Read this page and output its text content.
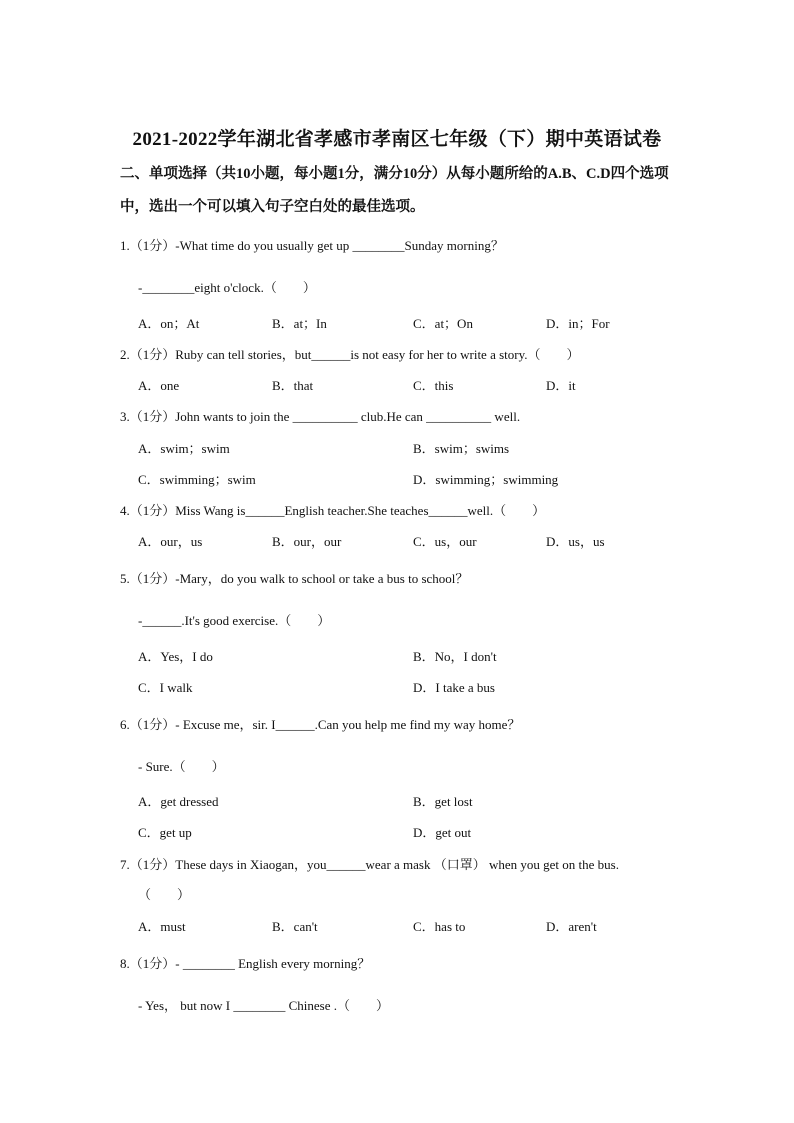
2021-2022学年湖北省孝感市孝南区七年级（下）期中英语试卷
二、单项选择（共10小题，每小题1分，满分10分）从每小题所给的A.B、C.D四个选项中，选出一个可以填入句子空白处的最佳选项。
1.（1分）-What time do you usually get up ________Sunday morning？
-________eight o'clock.（　　）
A．on；At	B．at；In	C．at；On	D．in；For
2.（1分）Ruby can tell stories，but______is not easy for her to write a story.（　　）
A．one	B．that	C．this	D．it
3.（1分）John wants to join the __________ club.He can __________ well.
A．swim；swim	B．swim；swims
C．swimming；swim	D．swimming；swimming
4.（1分）Miss Wang is______English teacher.She teaches______well.（　　）
A．our，us	B．our，our	C．us，our	D．us，us
5.（1分）-Mary，do you walk to school or take a bus to school？
-______.It's good exercise.（　　）
A．Yes，I do	B．No，I don't
C．I walk	D．I take a bus
6.（1分）- Excuse me，sir. I______.Can you help me find my way home？
- Sure.（　　）
A．get dressed	B．get lost
C．get up	D．get out
7.（1分）These days in Xiaogan，you______wear a mask （口罩） when you get on the bus.
（　　）
A．must	B．can't	C．has to	D．aren't
8.（1分）- ________ English every morning？
- Yes， but now I ________ Chinese .（　　）
